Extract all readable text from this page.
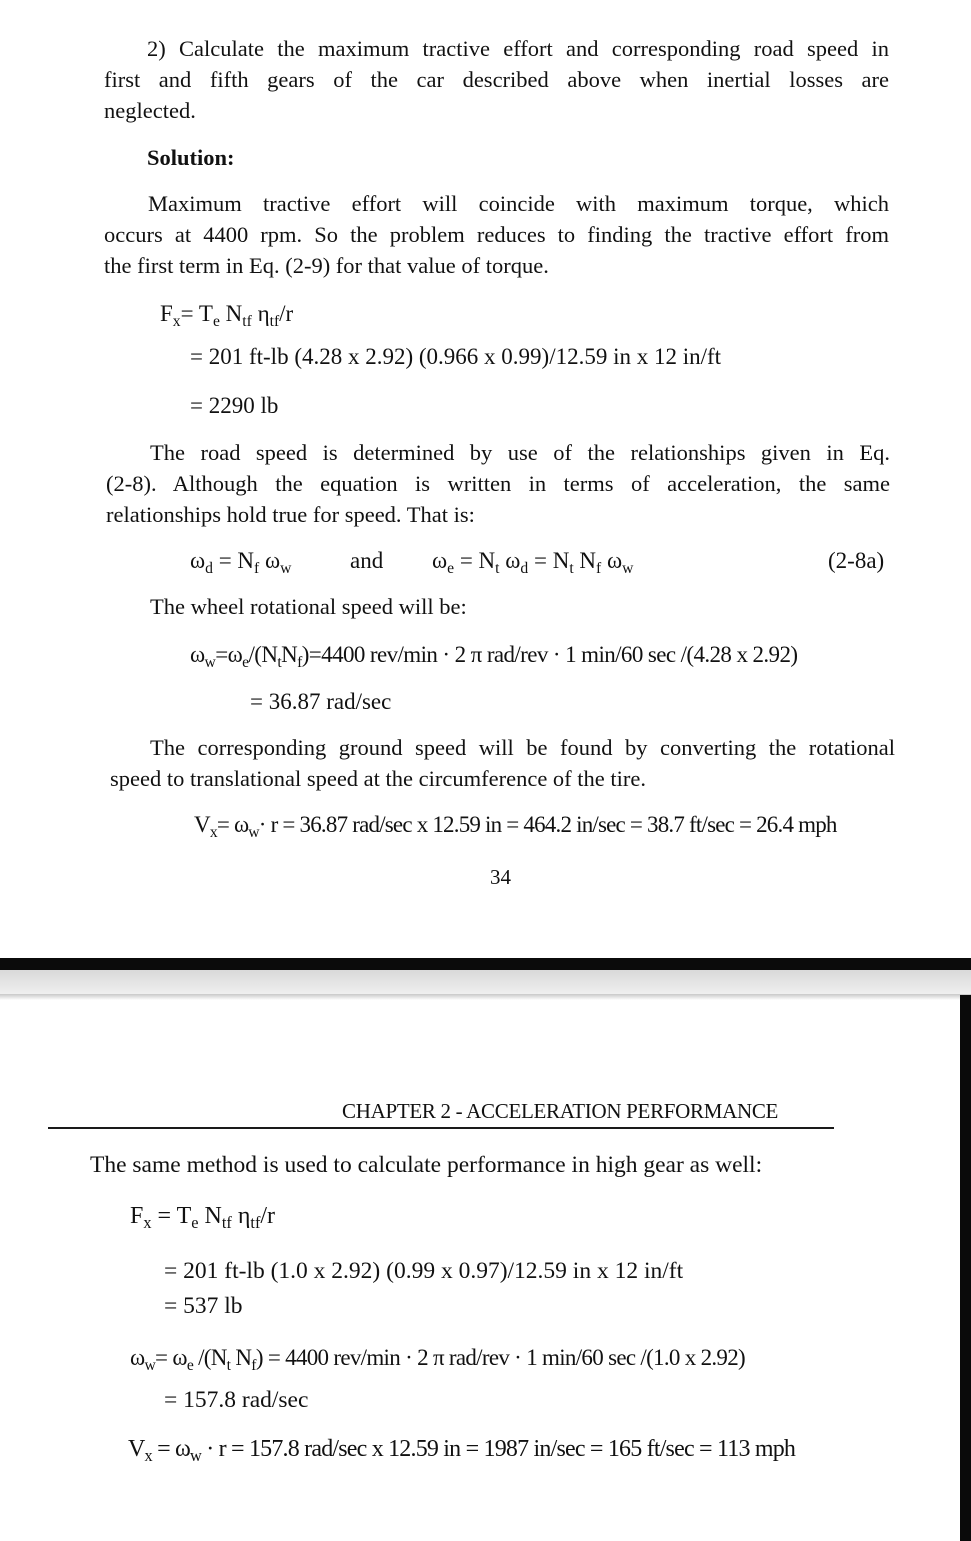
2) Calculate the maximum tractive effort and corresponding road speed in
first and fifth gears of the car described above when inertial losses are
neglected.
Solution:
Maximum tractive effort will coincide with maximum torque, which
occurs at 4400 rpm. So the problem reduces to finding the tractive effort from
the first term in Eq. (2-9) for that value of torque.
$F_x= T_e$ $N_{tf}$ $\eta_{tf}/r$
= 201 ft-lb (4.28 x 2.92) (0.966 x 0.99)/12.59 in x 12 in/ft
= 2290 lb
The road speed is determined by use of the relationships given in Eq.
(2-8). Although the equation is written in terms of acceleration, the same
relationships hold true for speed. That is:
$\omega_d = N_f$ $\omega_w$	and $\omega_e = N_t$ $\omega_d = N_t$ $N_f$ $\omega_w$	(2-8a)
The wheel rotational speed will be:
$\omega_w=\omega_e/(N_tN_f)=4400$ rev/min · 2 π rad/rev · 1 min/60 sec /(4.28 x 2.92)
= 36.87 rad/sec
The corresponding ground speed will be found by converting the rotational
speed to translational speed at the circumference of the tire.
$V_x= \omega_w\cdot r = 36.87$ rad/sec x 12.59 in = 464.2 in/sec = 38.7 ft/sec = 26.4 mph
34
CHAPTER 2 - ACCELERATION PERFORMANCE
The same method is used to calculate performance in high gear as well:
$F_x = T_e$ $N_{tf}$ $\eta_{tf}/r$
= 201 ft-lb (1.0 x 2.92) (0.99 x 0.97)/12.59 in x 12 in/ft
= 537 lb
$\omega_w= \omega_e$ $/(N_t$ $N_f) = 4400$ rev/min · 2 π rad/rev · 1 min/60 sec /(1.0 x 2.92)
= 157.8 rad/sec
$V_x = \omega_w \cdot r = 157.8$ rad/sec x 12.59 in = 1987 in/sec = 165 ft/sec = 113 mph
